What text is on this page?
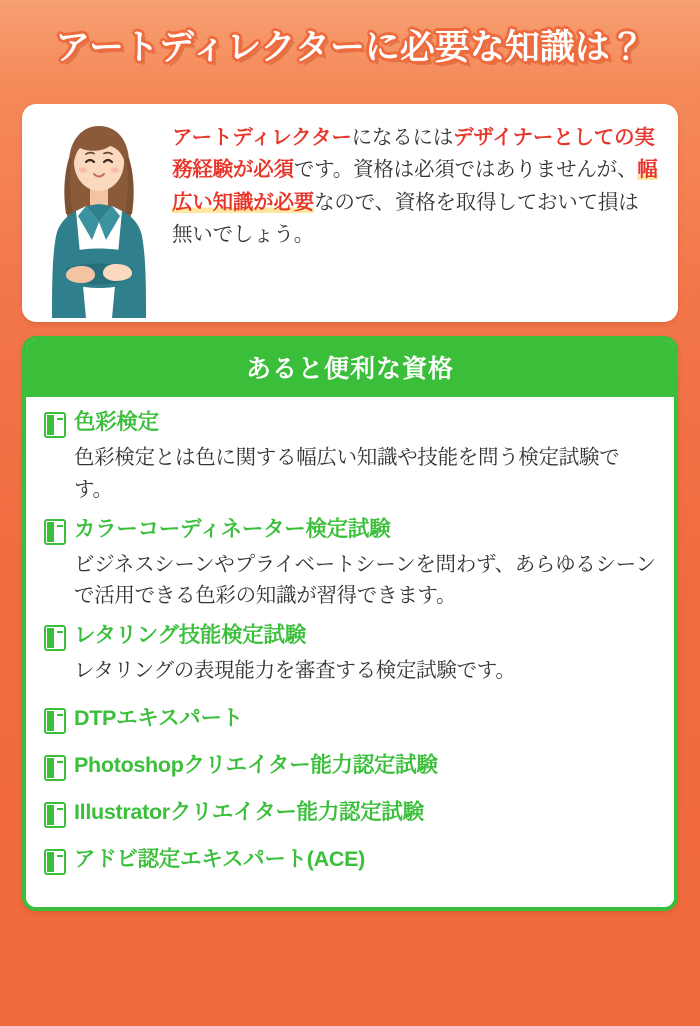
アートディレクターに必要な知識は？
アートディレクターになるにはデザイナーとしての実務経験が必須です。資格は必須ではありませんが、幅広い知識が必要なので、資格を取得しておいて損は無いでしょう。
あると便利な資格
色彩検定
色彩検定とは色に関する幅広い知識や技能を問う検定試験です。
カラーコーディネーター検定試験
ビジネスシーンやプライベートシーンを問わず、あらゆるシーンで活用できる色彩の知識が習得できます。
レタリング技能検定試験
レタリングの表現能力を審査する検定試験です。
DTPエキスパート
Photoshopクリエイター能力認定試験
Illustratorクリエイター能力認定試験
アドビ認定エキスパート(ACE)
